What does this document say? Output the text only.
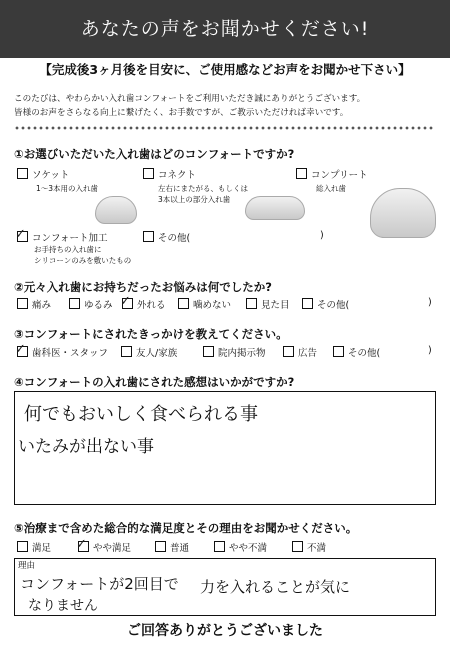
あなたの声をお聞かせください!
【完成後3ヶ月後を目安に、ご使用感などお声をお聞かせ下さい】
このたびは、やわらかい入れ歯コンフォートをご利用いただき誠にありがとうございます。
皆様のお声をさらなる向上に繋げたく、お手数ですが、ご教示いただければ幸いです。
①お選びいただいた入れ歯はどのコンフォートですか?
ソケット
1〜3本用の入れ歯
コネクト
左右にまたがる、もしくは
3本以上の部分入れ歯
コンプリート
総入れ歯
✓ コンフォート加工
お手持ちの入れ歯に
シリコーンのみを敷いたもの
その他(	)
②元々入れ歯にお持ちだったお悩みは何でしたか?
痛み	ゆるみ ✓ 外れる	噛めない	見た目	その他(	)
③コンフォートにされたきっかけを教えてください。
✓ 歯科医・スタッフ	友人/家族	院内掲示物	広告	その他(	)
④コンフォートの入れ歯にされた感想はいかがですか?
何でもおいしく食べられる事
いたみが出ない事
⑤治療まで含めた総合的な満足度とその理由をお聞かせください。
満足 ✓ やや満足	普通	やや不満	不満
理由
コンフォートが2回目で 力を入れることが気に
なりません
ご回答ありがとうございました
